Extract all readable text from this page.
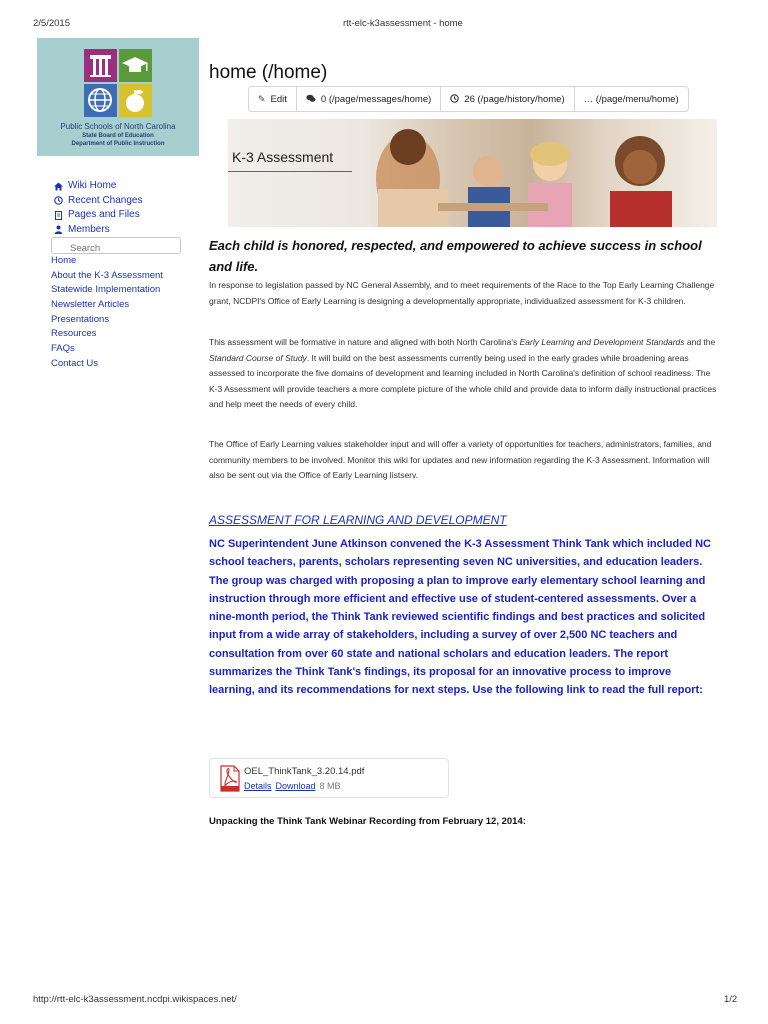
2/5/2015	rtt-elc-k3assessment - home
Public Schools of North Carolina
State Board of Education
Department of Public Instruction
Wiki Home
Recent Changes
Pages and Files
Members
Search
Home
About the K-3 Assessment
Statewide Implementation
Newsletter Articles
Presentations
Resources
FAQs
Contact Us
home (/home)
✎ Edit	0 (/page/messages/home)	26 (/page/history/home) … (/page/menu/home)
K-3 Assessment
Each child is honored, respected, and empowered to achieve success in school and life.
In response to legislation passed by NC General Assembly, and to meet requirements of the Race to the Top Early Learning Challenge grant, NCDPI's Office of Early Learning is designing a developmentally appropriate, individualized assessment for K-3 children.
This assessment will be formative in nature and aligned with both North Carolina's Early Learning and Development Standards and the Standard Course of Study. It will build on the best assessments currently being used in the early grades while broadening areas assessed to incorporate the five domains of development and learning included in North Carolina's definition of school readiness. The K-3 Assessment will provide teachers a more complete picture of the whole child and provide data to inform daily instructional practices and help meet the needs of every child.
The Office of Early Learning values stakeholder input and will offer a variety of opportunities for teachers, administrators, families, and community members to be involved. Monitor this wiki for updates and new information regarding the K-3 Assessment. Information will also be sent out via the Office of Early Learning listserv.
ASSESSMENT FOR LEARNING AND DEVELOPMENT
NC Superintendent June Atkinson convened the K-3 Assessment Think Tank which included NC school teachers, parents, scholars representing seven NC universities, and education leaders. The group was charged with proposing a plan to improve early elementary school learning and instruction through more efficient and effective use of student-centered assessments. Over a nine-month period, the Think Tank reviewed scientific findings and best practices and solicited input from a wide array of stakeholders, including a survey of over 2,500 NC teachers and consultation from over 60 state and national scholars and education leaders. The report summarizes the Think Tank's findings, its proposal for an innovative process to improve learning, and its recommendations for next steps. Use the following link to read the full report:
OEL_ThinkTank_3.20.14.pdf
Details Download 8 MB
Unpacking the Think Tank Webinar Recording from February 12, 2014:
http://rtt-elc-k3assessment.ncdpi.wikispaces.net/	1/2
